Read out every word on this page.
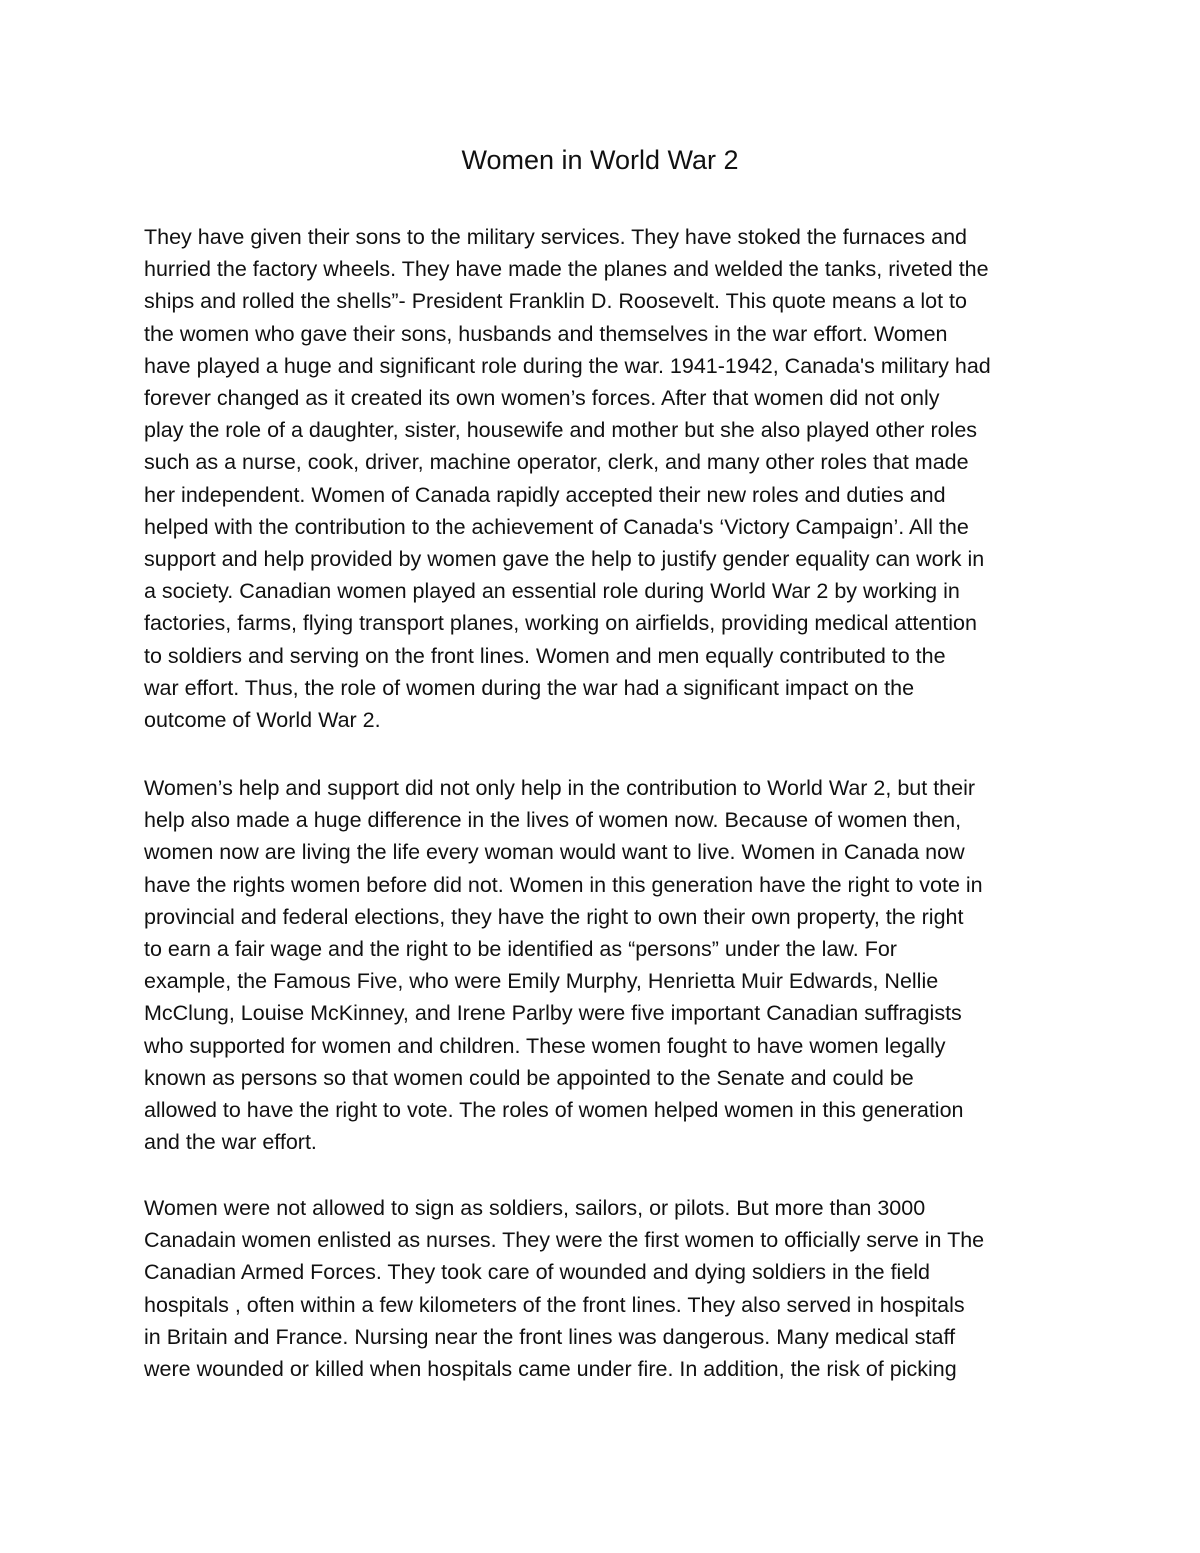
Women in World War 2

They have given their sons to the military services. They have stoked the furnaces and
hurried the factory wheels. They have made the planes and welded the tanks, riveted the
ships and rolled the shells”- President Franklin D. Roosevelt. This quote means a lot to
the women who gave their sons, husbands and themselves in the war effort. Women
have played a huge and significant role during the war. 1941-1942, Canada's military had
forever changed as it created its own women’s forces. After that women did not only
play the role of a daughter, sister, housewife and mother but she also played other roles
such as a nurse, cook, driver, machine operator, clerk, and many other roles that made
her independent. Women of Canada rapidly accepted their new roles and duties and
helped with the contribution to the achievement of Canada's ‘Victory Campaign’. All the
support and help provided by women gave the help to justify gender equality can work in
a society. Canadian women played an essential role during World War 2 by working in
factories, farms, flying transport planes, working on airfields, providing medical attention
to soldiers and serving on the front lines. Women and men equally contributed to the
war effort. Thus, the role of women during the war had a significant impact on the
outcome of World War 2.

Women’s help and support did not only help in the contribution to World War 2, but their
help also made a huge difference in the lives of women now. Because of women then,
women now are living the life every woman would want to live. Women in Canada now
have the rights women before did not. Women in this generation have the right to vote in
provincial and federal elections, they have the right to own their own property, the right
to earn a fair wage and the right to be identified as “persons” under the law. For
example, the Famous Five, who were Emily Murphy, Henrietta Muir Edwards, Nellie
McClung, Louise McKinney, and Irene Parlby were five important Canadian suffragists
who supported for women and children. These women fought to have women legally
known as persons so that women could be appointed to the Senate and could be
allowed to have the right to vote. The roles of women helped women in this generation
and the war effort.

Women were not allowed to sign as soldiers, sailors, or pilots. But more than 3000
Canadain women enlisted as nurses. They were the first women to officially serve in The
Canadian Armed Forces. They took care of wounded and dying soldiers in the field
hospitals , often within a few kilometers of the front lines. They also served in hospitals
in Britain and France. Nursing near the front lines was dangerous. Many medical staff
were wounded or killed when hospitals came under fire. In addition, the risk of picking
